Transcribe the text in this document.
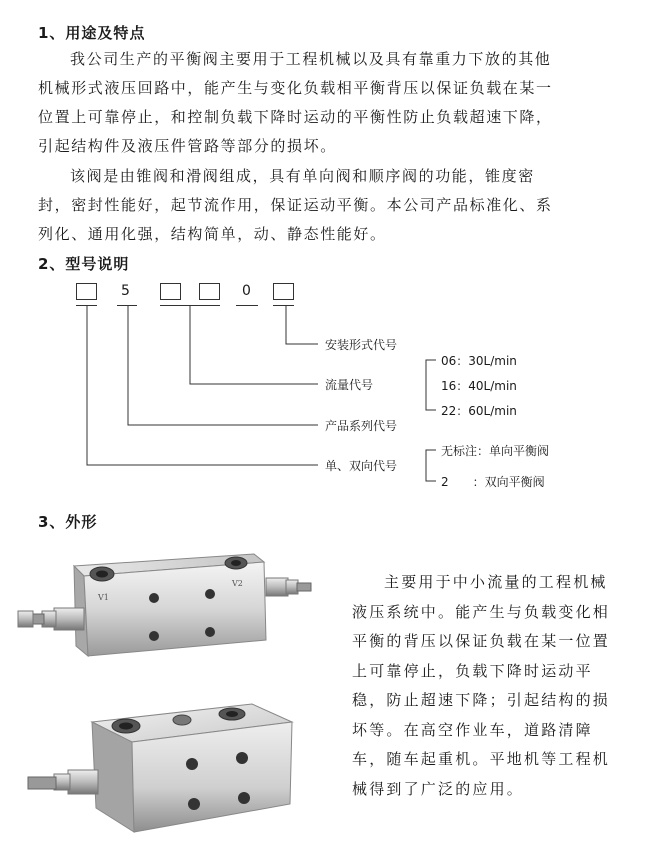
1、用途及特点
我公司生产的平衡阀主要用于工程机械以及具有靠重力下放的其他
机械形式液压回路中，能产生与变化负载相平衡背压以保证负载在某一
位置上可靠停止，和控制负载下降时运动的平衡性防止负载超速下降，
引起结构件及液压件管路等部分的损坏。
该阀是由锥阀和滑阀组成，具有单向阀和顺序阀的功能，锥度密
封，密封性能好，起节流作用，保证运动平衡。本公司产品标准化、系
列化、通用化强，结构简单，动、静态性能好。
2、型号说明
5	0
安装形式代号
流量代号
产品系列代号
单、双向代号
06：30L/min
16：40L/min
22：60L/min
无标注：单向平衡阀
2　　：双向平衡阀
3、外形
V1
V2	主要用于中小流量的工程机械
液压系统中。能产生与负载变化相
平衡的背压以保证负载在某一位置
上可靠停止，负载下降时运动平
稳，防止超速下降；引起结构的损
坏等。在高空作业车，道路清障
车，随车起重机。平地机等工程机
械得到了广泛的应用。
